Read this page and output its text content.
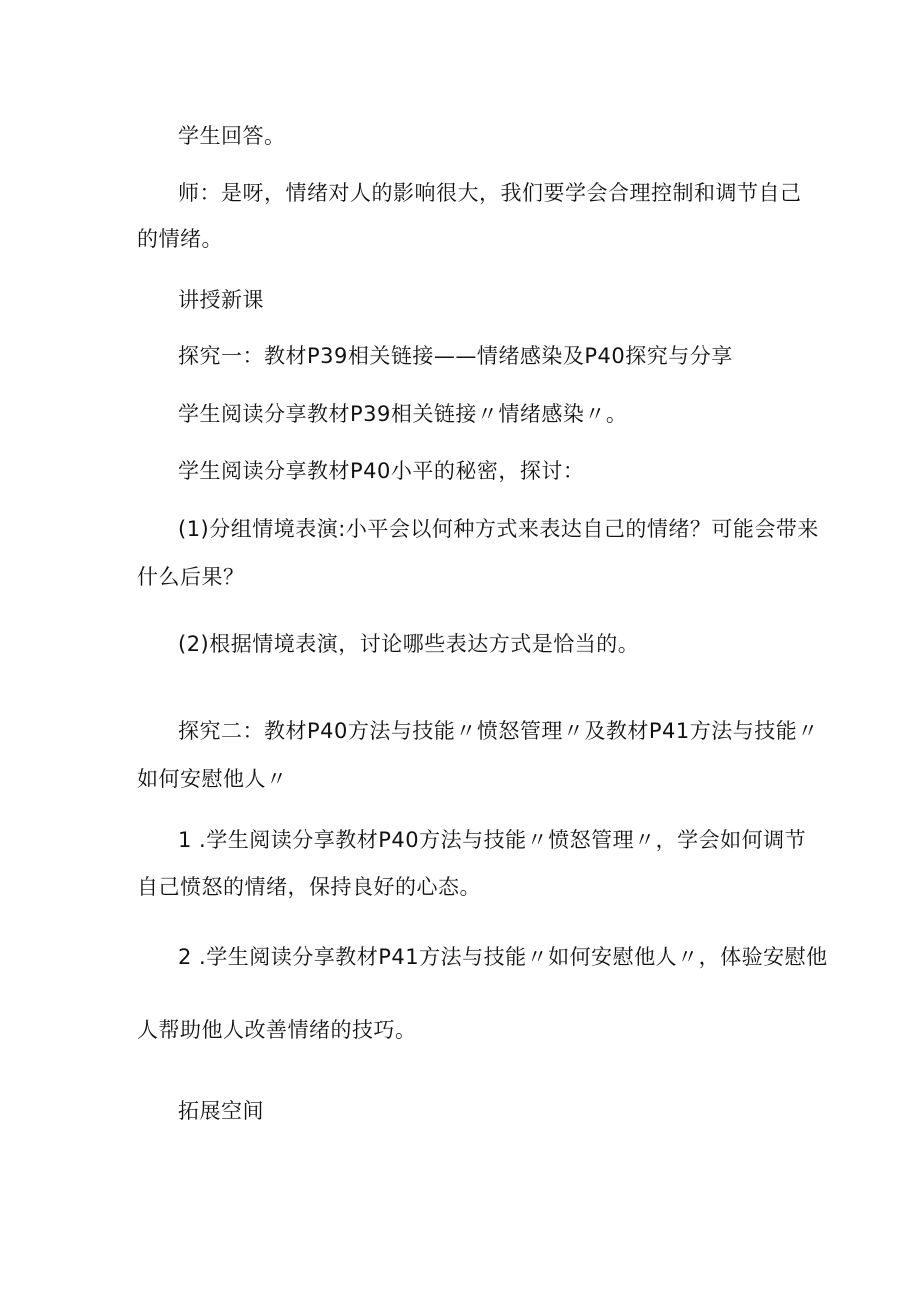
学生回答。
师：是呀，情绪对人的影响很大，我们要学会合理控制和调节自己
的情绪。
讲授新课
探究一：教材P39相关链接——情绪感染及P40探究与分享
学生阅读分享教材P39相关链接〃情绪感染〃。
学生阅读分享教材P40小平的秘密，探讨：
(1)分组情境表演:小平会以何种方式来表达自己的情绪？可能会带来
什么后果？
(2)根据情境表演，讨论哪些表达方式是恰当的。
探究二：教材P40方法与技能〃愤怒管理〃及教材P41方法与技能〃
如何安慰他人〃
1 .学生阅读分享教材P40方法与技能〃愤怒管理〃，学会如何调节
自己愤怒的情绪，保持良好的心态。
2 .学生阅读分享教材P41方法与技能〃如何安慰他人〃，体验安慰他
人帮助他人改善情绪的技巧。
拓展空间
